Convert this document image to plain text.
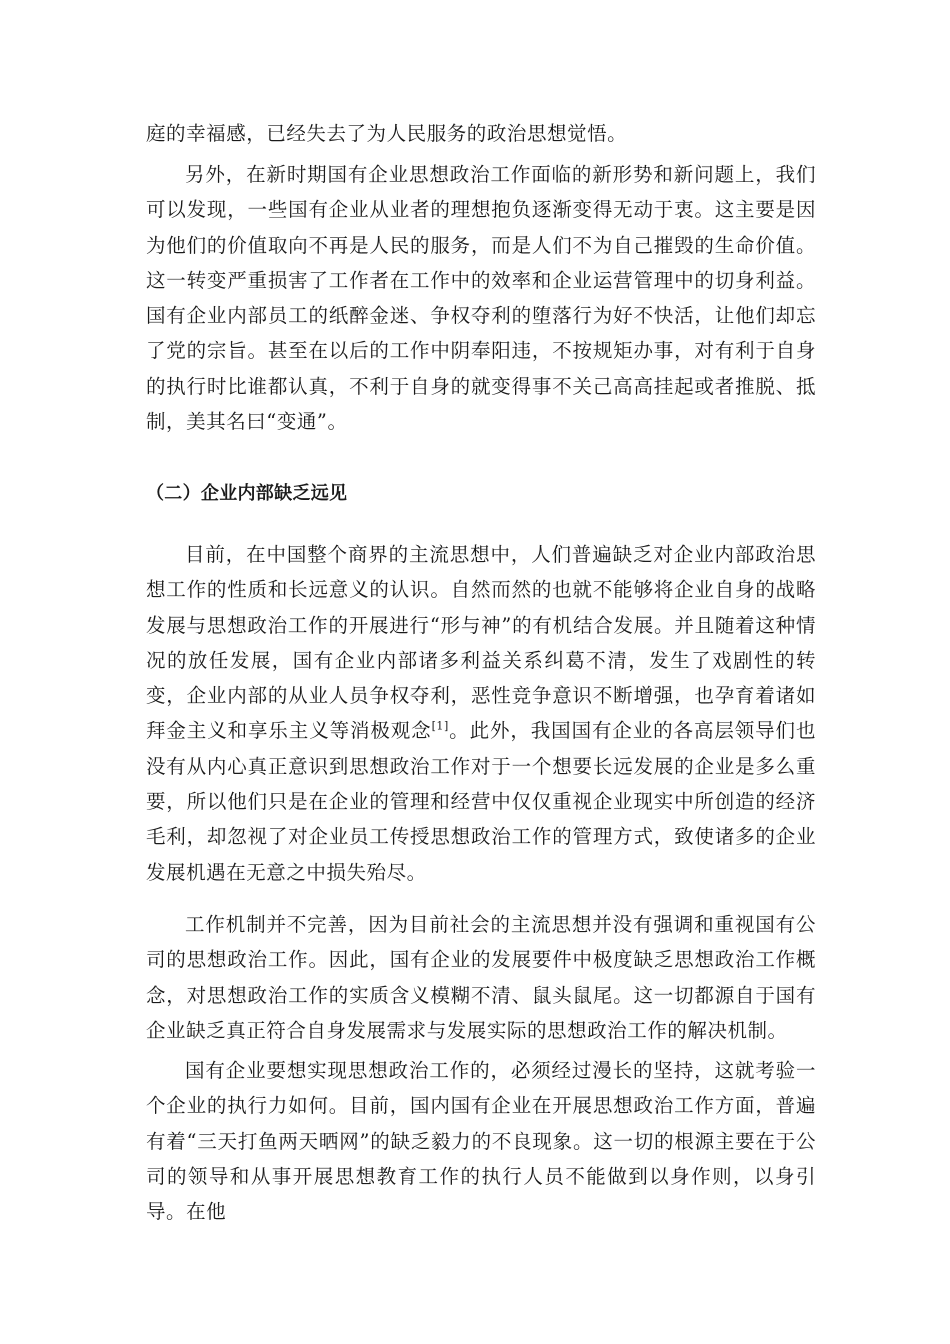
庭的幸福感，已经失去了为人民服务的政治思想觉悟。

另外，在新时期国有企业思想政治工作面临的新形势和新问题上，我们可以发现，一些国有企业从业者的理想抱负逐渐变得无动于衷。这主要是因为他们的价值取向不再是人民的服务，而是人们不为自己摧毁的生命价值。这一转变严重损害了工作者在工作中的效率和企业运营管理中的切身利益。国有企业内部员工的纸醉金迷、争权夺利的堕落行为好不快活，让他们却忘了党的宗旨。甚至在以后的工作中阴奉阳违，不按规矩办事，对有利于自身的执行时比谁都认真，不利于自身的就变得事不关己高高挂起或者推脱、抵制，美其名曰“变通”。

（二）企业内部缺乏远见

目前，在中国整个商界的主流思想中，人们普遍缺乏对企业内部政治思想工作的性质和长远意义的认识。自然而然的也就不能够将企业自身的战略发展与思想政治工作的开展进行“形与神”的有机结合发展。并且随着这种情况的放任发展，国有企业内部诸多利益关系纠葛不清，发生了戏剧性的转变，企业内部的从业人员争权夺利，恶性竞争意识不断增强，也孕育着诸如拜金主义和享乐主义等消极观念[1]。此外，我国国有企业的各高层领导们也没有从内心真正意识到思想政治工作对于一个想要长远发展的企业是多么重要，所以他们只是在企业的管理和经营中仅仅重视企业现实中所创造的经济毛利，却忽视了对企业员工传授思想政治工作的管理方式，致使诸多的企业发展机遇在无意之中损失殆尽。

工作机制并不完善，因为目前社会的主流思想并没有强调和重视国有公司的思想政治工作。因此，国有企业的发展要件中极度缺乏思想政治工作概念，对思想政治工作的实质含义模糊不清、鼠头鼠尾。这一切都源自于国有企业缺乏真正符合自身发展需求与发展实际的思想政治工作的解决机制。

国有企业要想实现思想政治工作的，必须经过漫长的坚持，这就考验一个企业的执行力如何。目前，国内国有企业在开展思想政治工作方面，普遍有着“三天打鱼两天晒网”的缺乏毅力的不良现象。这一切的根源主要在于公司的领导和从事开展思想教育工作的执行人员不能做到以身作则，以身引导。在他
